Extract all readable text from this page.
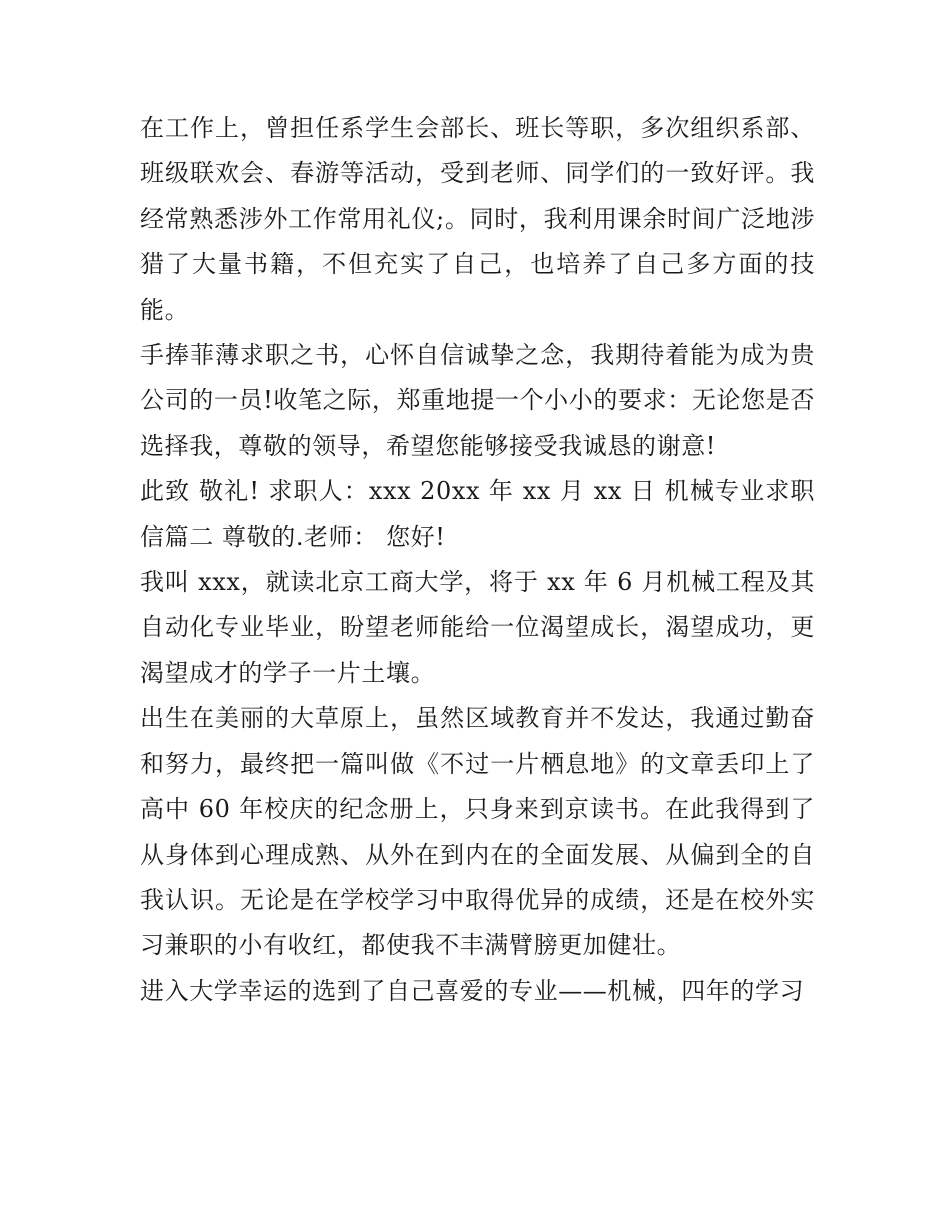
在工作上，曾担任系学生会部长、班长等职，多次组织系部、班级联欢会、春游等活动，受到老师、同学们的一致好评。我经常熟悉涉外工作常用礼仪;。同时，我利用课余时间广泛地涉猎了大量书籍，不但充实了自己，也培养了自己多方面的技能。

手捧菲薄求职之书，心怀自信诚挚之念，我期待着能为成为贵公司的一员!收笔之际，郑重地提一个小小的要求：无论您是否选择我，尊敬的领导，希望您能够接受我诚恳的谢意!

此致 敬礼! 求职人：xxx 20xx 年 xx 月 xx 日 机械专业求职信篇二 尊敬的.老师： 您好!

我叫 xxx，就读北京工商大学，将于 xx 年 6 月机械工程及其自动化专业毕业，盼望老师能给一位渴望成长，渴望成功，更渴望成才的学子一片土壤。

出生在美丽的大草原上，虽然区域教育并不发达，我通过勤奋和努力，最终把一篇叫做《不过一片栖息地》的文章丢印上了高中 60 年校庆的纪念册上，只身来到京读书。在此我得到了从身体到心理成熟、从外在到内在的全面发展、从偏到全的自我认识。无论是在学校学习中取得优异的成绩，还是在校外实习兼职的小有收红，都使我不丰满臂膀更加健壮。

进入大学幸运的选到了自己喜爱的专业——机械，四年的学习
